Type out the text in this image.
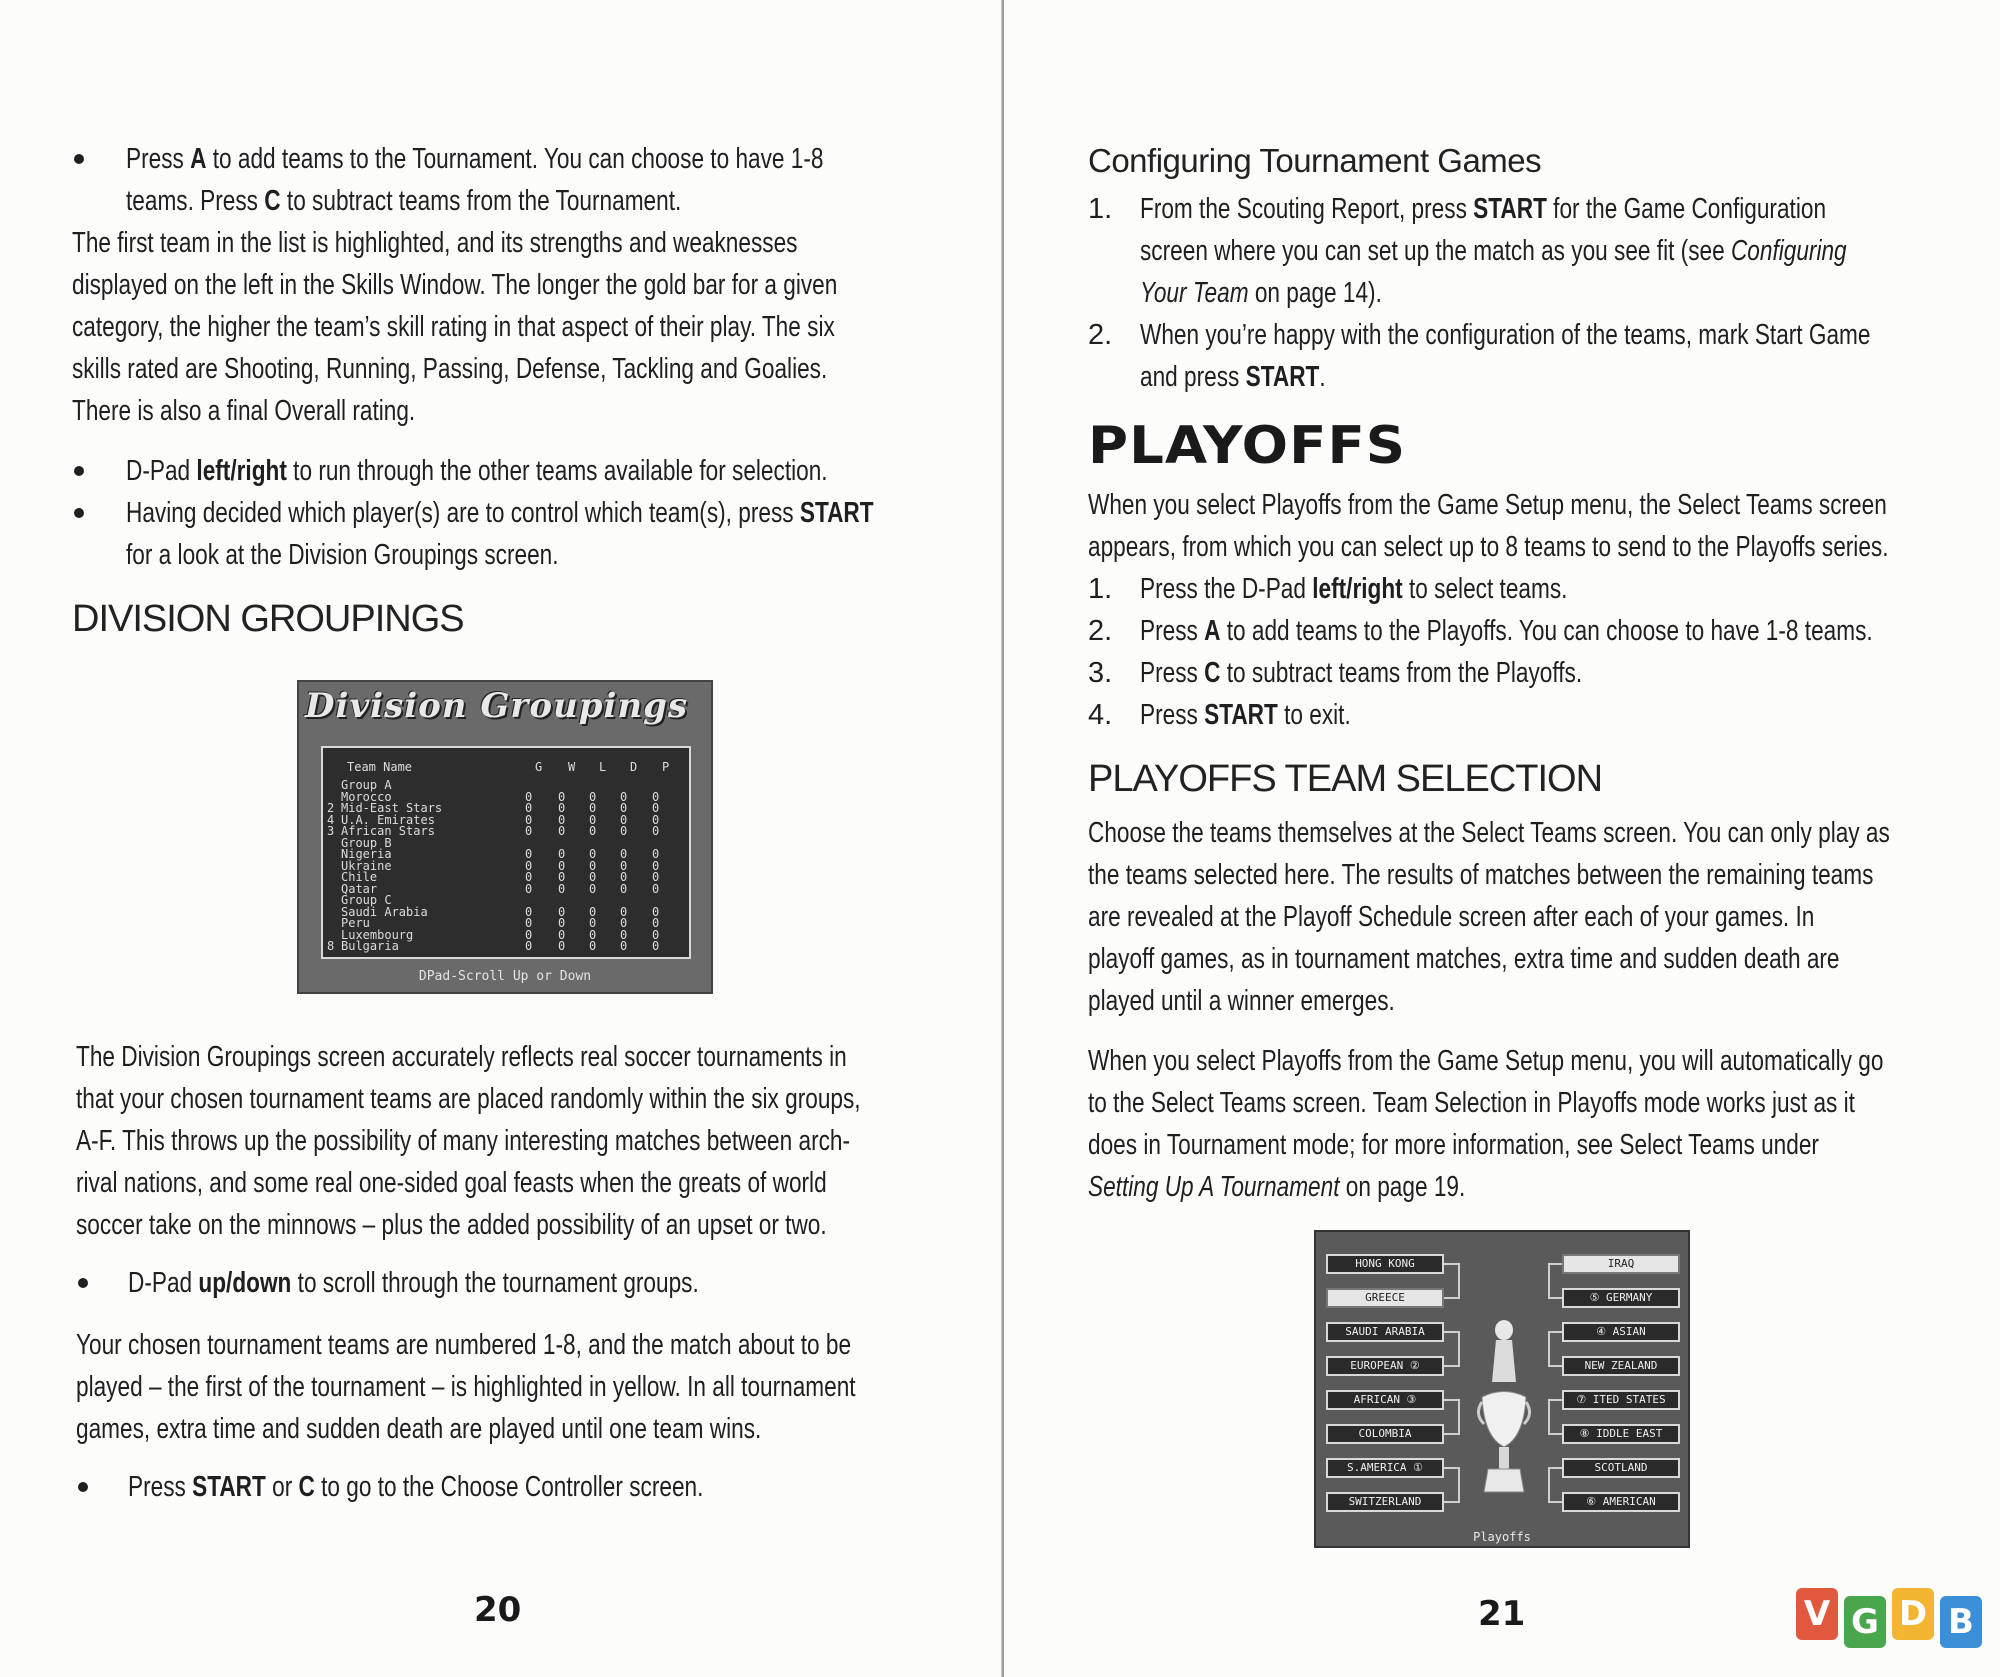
Press A to add teams to the Tournament. You can choose to have 1-8
teams. Press C to subtract teams from the Tournament.
The first team in the list is highlighted, and its strengths and weaknesses
displayed on the left in the Skills Window. The longer the gold bar for a given
category, the higher the team’s skill rating in that aspect of their play. The six
skills rated are Shooting, Running, Passing, Defense, Tackling and Goalies.
There is also a final Overall rating.
D-Pad left/right to run through the other teams available for selection.
Having decided which player(s) are to control which team(s), press START
for a look at the Division Groupings screen.
DIVISION GROUPINGS
Division Groupings
Team Name	G W L D P
Group A
Morocco	0 0 0 0 0
2 Mid-East Stars	0 0 0 0 0
4 U.A. Emirates	0 0 0 0 0
3 African Stars	0 0 0 0 0
Group B
Nigeria	0 0 0 0 0
Ukraine	0 0 0 0 0
Chile	0 0 0 0 0
Qatar	0 0 0 0 0
Group C
Saudi Arabia	0 0 0 0 0
Peru	0 0 0 0 0
Luxembourg	0 0 0 0 0
8 Bulgaria	0 0 0 0 0
DPad-Scroll Up or Down
The Division Groupings screen accurately reflects real soccer tournaments in
that your chosen tournament teams are placed randomly within the six groups,
A-F. This throws up the possibility of many interesting matches between arch-
rival nations, and some real one-sided goal feasts when the greats of world
soccer take on the minnows – plus the added possibility of an upset or two.
D-Pad up/down to scroll through the tournament groups.
Your chosen tournament teams are numbered 1-8, and the match about to be
played – the first of the tournament – is highlighted in yellow. In all tournament
games, extra time and sudden death are played until one team wins.
Press START or C to go to the Choose Controller screen.
20
Configuring Tournament Games
1. From the Scouting Report, press START for the Game Configuration
screen where you can set up the match as you see fit (see Configuring
Your Team on page 14).
2. When you’re happy with the configuration of the teams, mark Start Game
and press START.
PLAYOFFS
When you select Playoffs from the Game Setup menu, the Select Teams screen
appears, from which you can select up to 8 teams to send to the Playoffs series.
1. Press the D-Pad left/right to select teams.
2. Press A to add teams to the Playoffs. You can choose to have 1-8 teams.
3. Press C to subtract teams from the Playoffs.
4. Press START to exit.
PLAYOFFS TEAM SELECTION
Choose the teams themselves at the Select Teams screen. You can only play as
the teams selected here. The results of matches between the remaining teams
are revealed at the Playoff Schedule screen after each of your games. In
playoff games, as in tournament matches, extra time and sudden death are
played until a winner emerges.
When you select Playoffs from the Game Setup menu, you will automatically go
to the Select Teams screen. Team Selection in Playoffs mode works just as it
does in Tournament mode; for more information, see Select Teams under
Setting Up A Tournament on page 19.
Playoffs
HONG KONG
GREECE
SAUDI ARABIA
EUROPEAN ②
AFRICAN ③
COLOMBIA
S.AMERICA ①
SWITZERLAND
IRAQ
⑤ GERMANY
④ ASIAN
NEW ZEALAND
⑦ ITED STATES
⑧ IDDLE EAST
SCOTLAND
⑥ AMERICAN
21	V G D B
